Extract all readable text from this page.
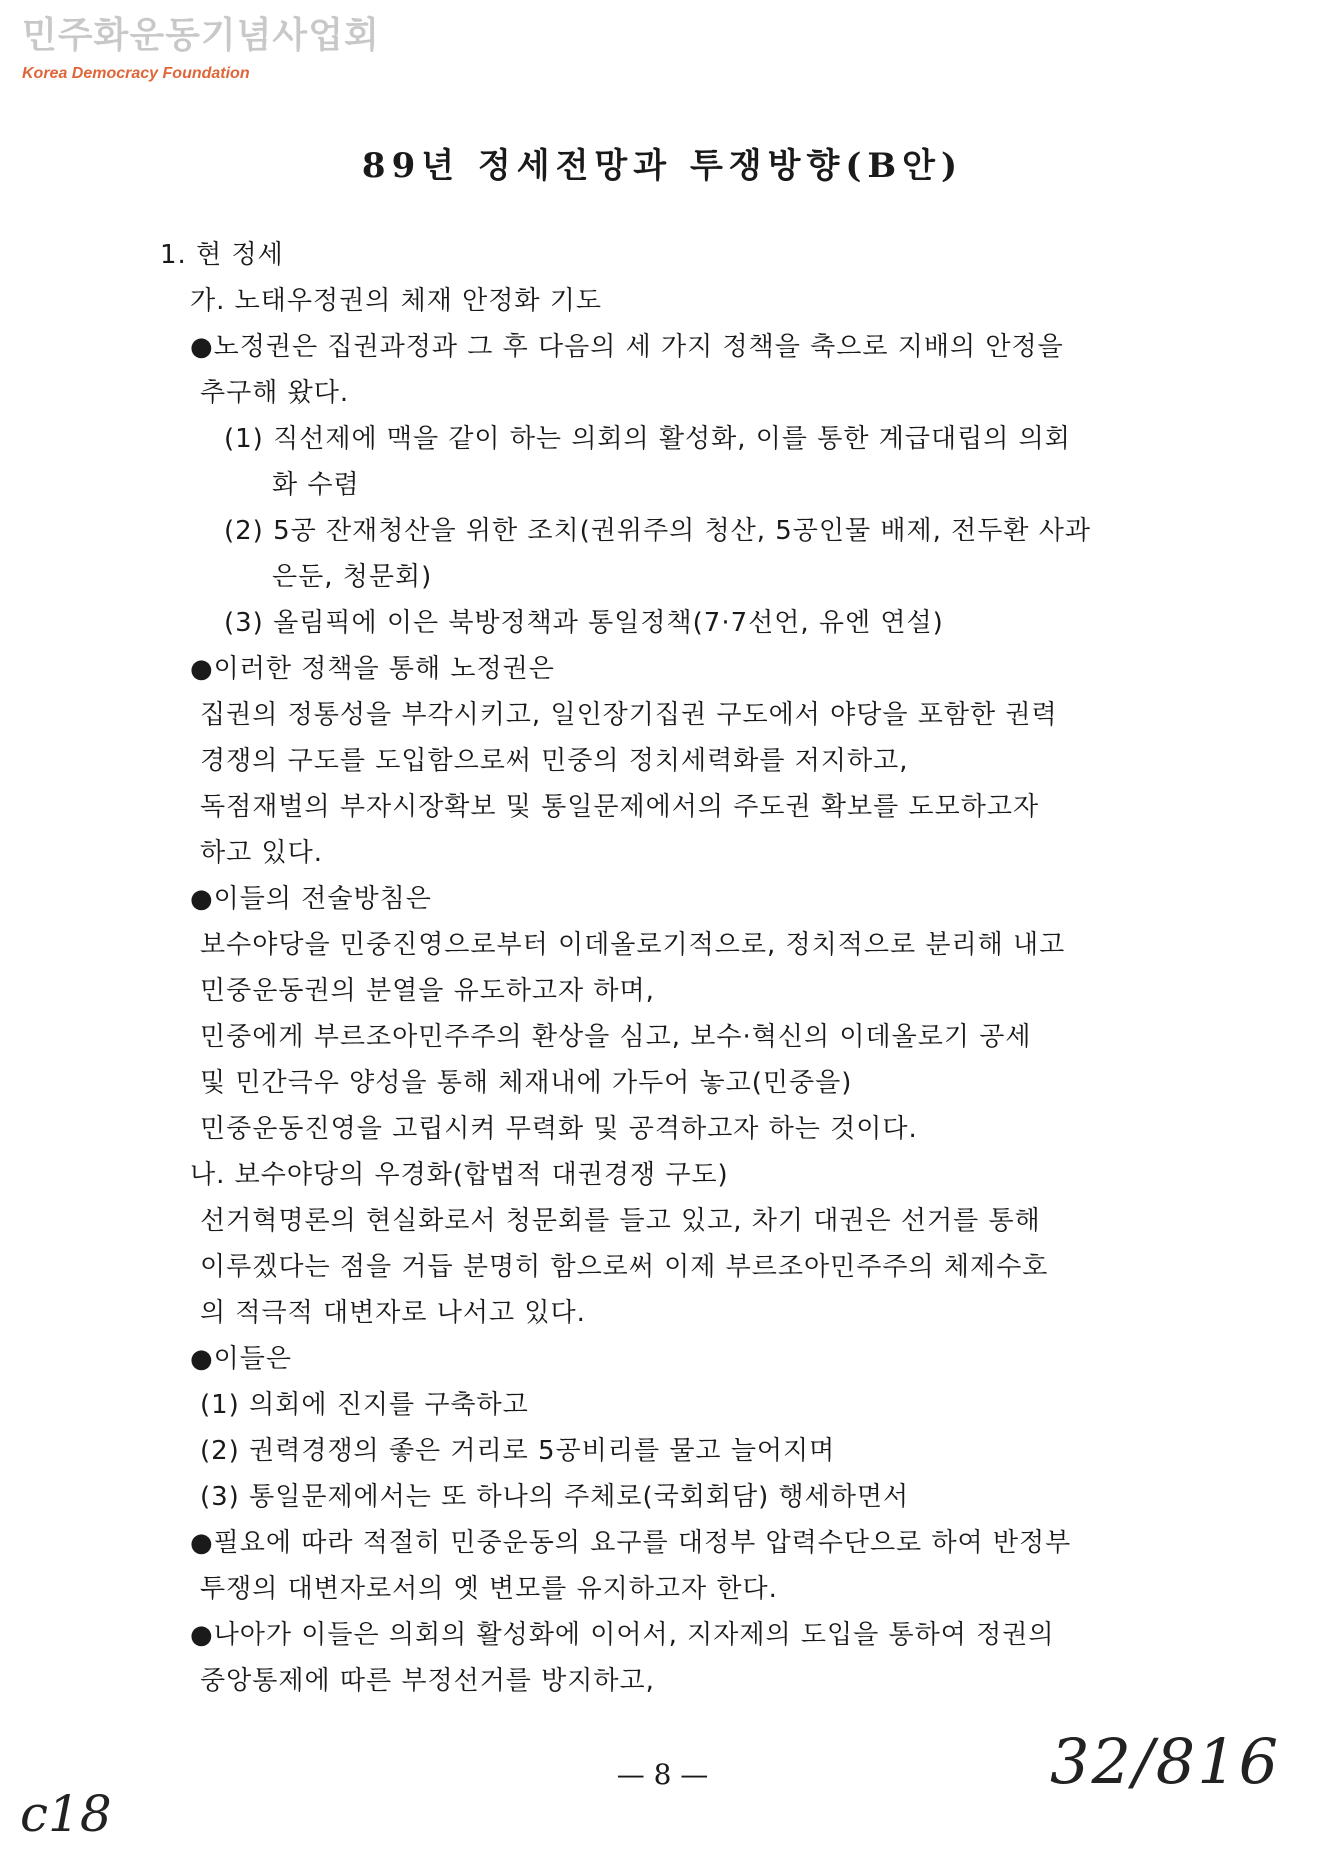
민주화운동기념사업회
Korea Democracy Foundation
89년 정세전망과 투쟁방향(B안)
1. 현 정세
가. 노태우정권의 체재 안정화 기도
●노정권은 집권과정과 그 후 다음의 세 가지 정책을 축으로 지배의 안정을
추구해 왔다.
(1) 직선제에 맥을 같이 하는 의회의 활성화, 이를 통한 계급대립의 의회
화 수렴
(2) 5공 잔재청산을 위한 조치(권위주의 청산, 5공인물 배제, 전두환 사과
은둔, 청문회)
(3) 올림픽에 이은 북방정책과 통일정책(7·7선언, 유엔 연설)
●이러한 정책을 통해 노정권은
집권의 정통성을 부각시키고, 일인장기집권 구도에서 야당을 포함한 권력
경쟁의 구도를 도입함으로써 민중의 정치세력화를 저지하고,
독점재벌의 부자시장확보 및 통일문제에서의 주도권 확보를 도모하고자
하고 있다.
●이들의 전술방침은
보수야당을 민중진영으로부터 이데올로기적으로, 정치적으로 분리해 내고
민중운동권의 분열을 유도하고자 하며,
민중에게 부르조아민주주의 환상을 심고, 보수·혁신의 이데올로기 공세
및 민간극우 양성을 통해 체재내에 가두어 놓고(민중을)
민중운동진영을 고립시켜 무력화 및 공격하고자 하는 것이다.
나. 보수야당의 우경화(합법적 대권경쟁 구도)
선거혁명론의 현실화로서 청문회를 들고 있고, 차기 대권은 선거를 통해
이루겠다는 점을 거듭 분명히 함으로써 이제 부르조아민주주의 체제수호
의 적극적 대변자로 나서고 있다.
●이들은
(1) 의회에 진지를 구축하고
(2) 권력경쟁의 좋은 거리로 5공비리를 물고 늘어지며
(3) 통일문제에서는 또 하나의 주체로(국회회담) 행세하면서
●필요에 따라 적절히 민중운동의 요구를 대정부 압력수단으로 하여 반정부
투쟁의 대변자로서의 옛 변모를 유지하고자 한다.
●나아가 이들은 의회의 활성화에 이어서, 지자제의 도입을 통하여 정권의
중앙통제에 따른 부정선거를 방지하고,
— 8 —	32/816
c18
